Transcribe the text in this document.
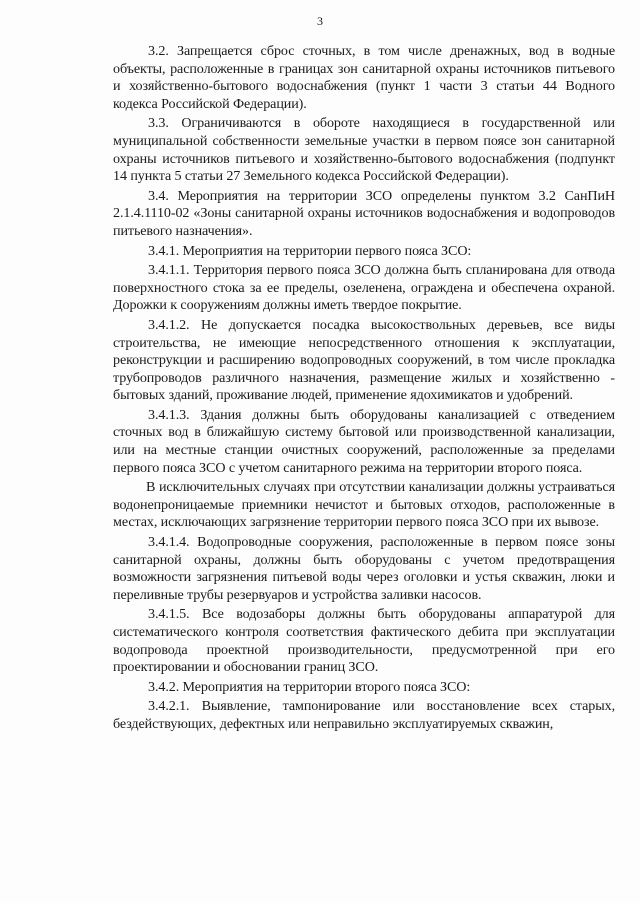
3

3.2. Запрещается сброс сточных, в том числе дренажных, вод в водные объекты, расположенные в границах зон санитарной охраны источников питьевого и хозяйственно-бытового водоснабжения (пункт 1 части 3 статьи 44 Водного кодекса Российской Федерации).

3.3. Ограничиваются в обороте находящиеся в государственной или муниципальной собственности земельные участки в первом поясе зон санитарной охраны источников питьевого и хозяйственно-бытового водоснабжения (подпункт 14 пункта 5 статьи 27 Земельного кодекса Российской Федерации).

3.4. Мероприятия на территории ЗСО определены пунктом 3.2 СанПиН 2.1.4.1110-02 «Зоны санитарной охраны источников водоснабжения и водопроводов питьевого назначения».

3.4.1. Мероприятия на территории первого пояса ЗСО:

3.4.1.1. Территория первого пояса ЗСО должна быть спланирована для отвода поверхностного стока за ее пределы, озеленена, ограждена и обеспечена охраной. Дорожки к сооружениям должны иметь твердое покрытие.

3.4.1.2. Не допускается посадка высокоствольных деревьев, все виды строительства, не имеющие непосредственного отношения к эксплуатации, реконструкции и расширению водопроводных сооружений, в том числе прокладка трубопроводов различного назначения, размещение жилых и хозяйственно - бытовых зданий, проживание людей, применение ядохимикатов и удобрений.

3.4.1.3. Здания должны быть оборудованы канализацией с отведением сточных вод в ближайшую систему бытовой или производственной канализации, или на местные станции очистных сооружений, расположенные за пределами первого пояса ЗСО с учетом санитарного режима на территории второго пояса.

В исключительных случаях при отсутствии канализации должны устраиваться водонепроницаемые приемники нечистот и бытовых отходов, расположенные в местах, исключающих загрязнение территории первого пояса ЗСО при их вывозе.

3.4.1.4. Водопроводные сооружения, расположенные в первом поясе зоны санитарной охраны, должны быть оборудованы с учетом предотвращения возможности загрязнения питьевой воды через оголовки и устья скважин, люки и переливные трубы резервуаров и устройства заливки насосов.

3.4.1.5. Все водозаборы должны быть оборудованы аппаратурой для систематического контроля соответствия фактического дебита при эксплуатации водопровода проектной производительности, предусмотренной при его проектировании и обосновании границ ЗСО.

3.4.2. Мероприятия на территории второго пояса ЗСО:

3.4.2.1. Выявление, тампонирование или восстановление всех старых, бездействующих, дефектных или неправильно эксплуатируемых скважин,
